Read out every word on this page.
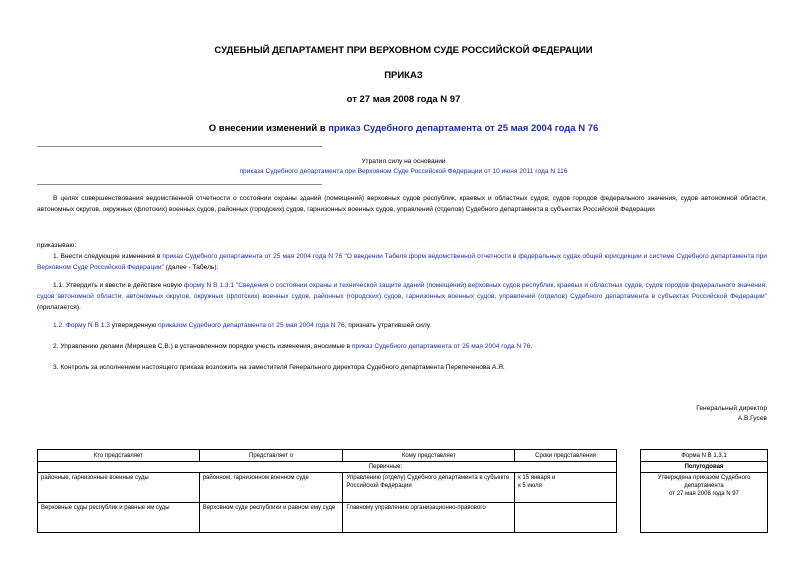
СУДЕБНЫЙ ДЕПАРТАМЕНТ ПРИ ВЕРХОВНОМ СУДЕ РОССИЙСКОЙ ФЕДЕРАЦИИ
ПРИКАЗ
от 27 мая 2008 года N 97
О внесении изменений в приказ Судебного департамента от 25 мая 2004 года N 76
Утратил силу на основании
приказа Судебного департамента при Верховном Суде Российской Федерации от 10 июня 2011 года N 116
В целях совершенствования ведомственной отчетности о состоянии охраны зданий (помещений) верховных судов республик, краевых и областных судов, судов городов федерального значения, судов автономной области, автономных округов, окружных (флотских) военных судов, районных (городских) судов, гарнизонных военных судов, управлений (отделов) Судебного департамента в субъектах Российской Федерации
приказываю:
1. Внести следующие изменения в приказ Судебного департамента от 25 мая 2004 года N 76 "О введении Табеля форм ведомственной отчетности в федеральных судах общей юрисдикции и системе Судебного департамента при Верховном Суде Российской Федерации" (далее - Табель):
1.1. Утвердить и ввести в действие новую форму N В 1.3.1 "Сведения о состоянии охраны и технической защите зданий (помещений) верховных судов республик, краевых и областных судов, судов городов федерального значения, судов автономной области, автономных округов, окружных (флотских) военных судов, районных (городских) судов, гарнизонных военных судов, управлений (отделов) Судебного департамента в субъектах Российской Федерации" (прилагается).
1.2. Форму N В 1.3 утвержденную приказом Судебного департамента от 25 мая 2004 года N 76, признать утратившей силу.
2. Управлению делами (Миряшев С.В.) в установленном порядке учесть изменения, вносимые в приказ Судебного департамента от 25 мая 2004 года N 76.
3. Контроль за исполнением настоящего приказа возложить на заместителя Генерального директора Судебного департамента Перепеченова А.Я.
Генеральный директор
А.В.Гусев
Кто представляет	Представляет о	Кому представляет	Сроки представления
Первичные:			
районные, гарнизонные военные суды	районном, гарнизонном военном суде	Управлению (отделу) Судебного департамента в субъекте Российской Федерации	к 15 января и
к 5 июля

Верховные суды республик и равные им суды	Верховном суде республики и равном ему суде	Главному управлению организационно-правового	
Форма N В 1.3.1
Полугодовая

Утверждена приказом Судебного департамента
от 27 мая 2008 года N 97
